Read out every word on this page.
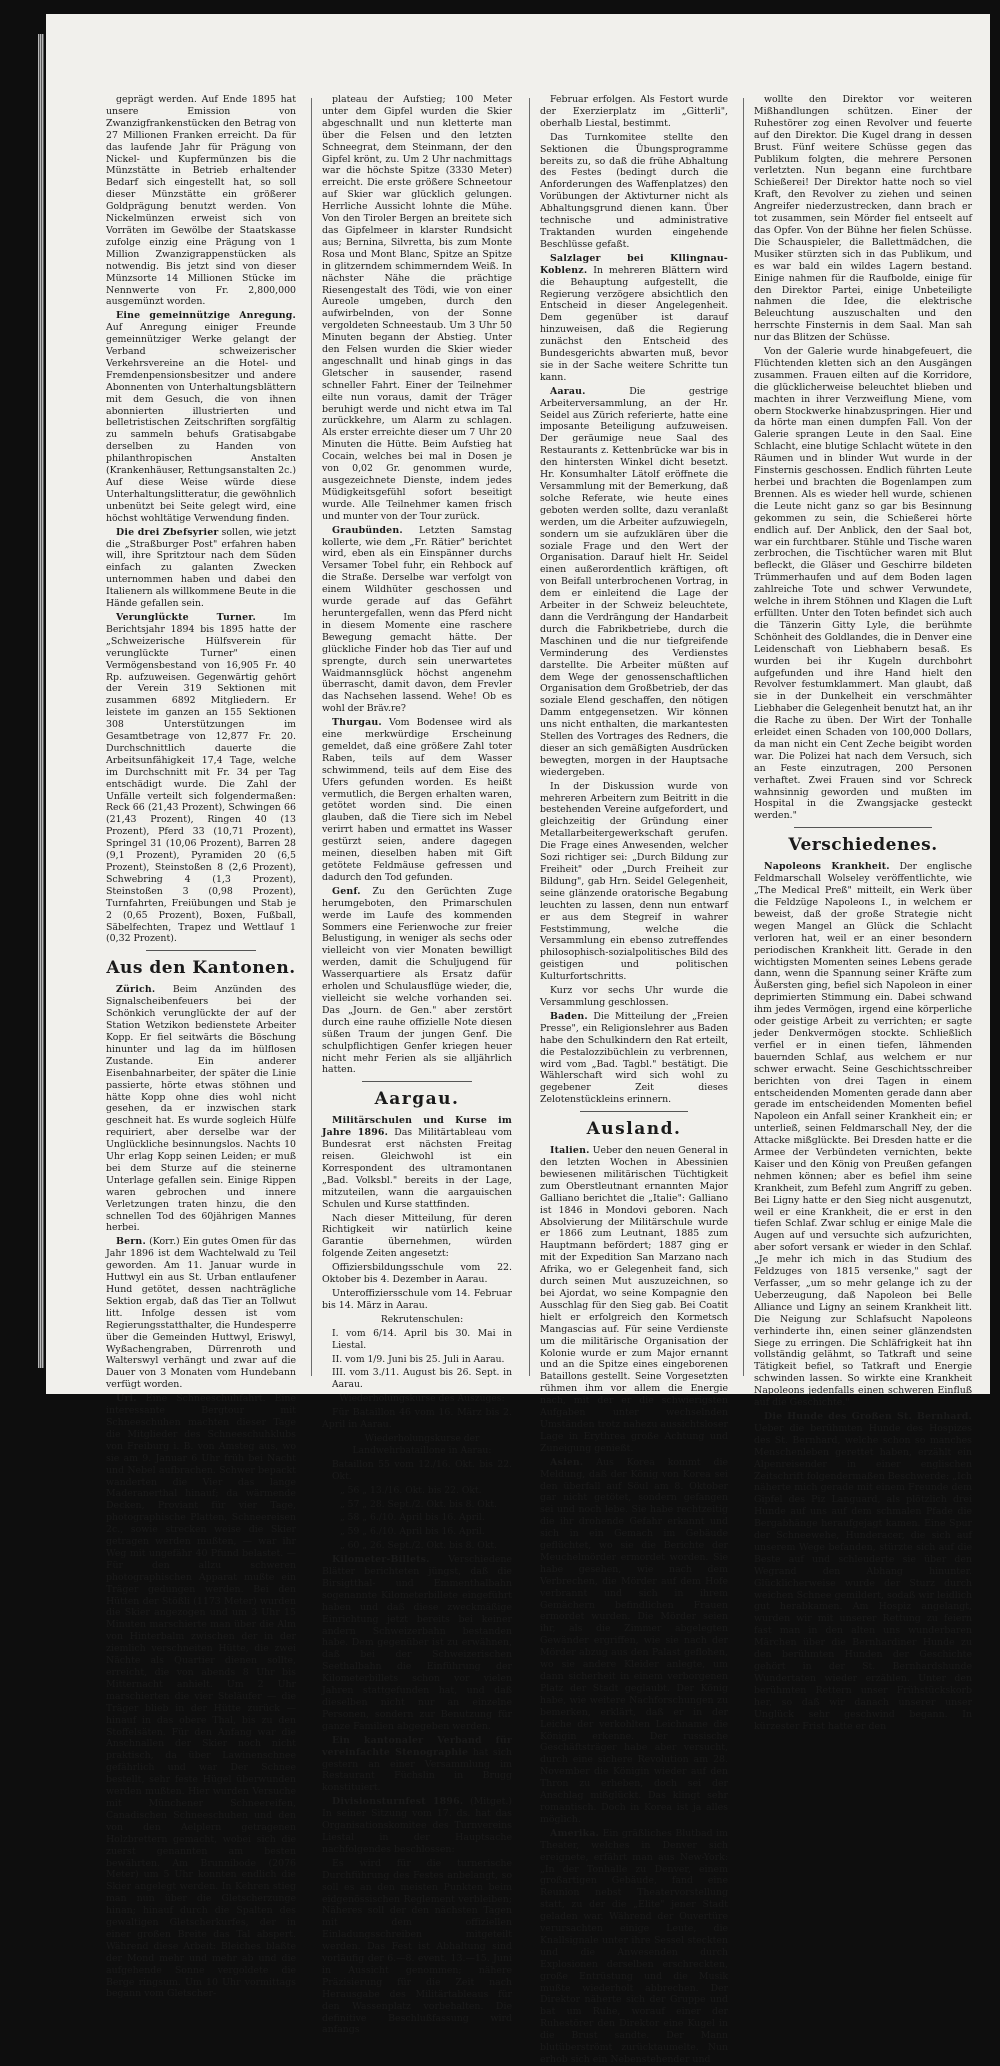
geprägt werden. Auf Ende 1895 hat unsere Emission von Zwanzigfrankenstücken den Betrag von 27 Millionen Franken erreicht. Da für das laufende Jahr für Prägung von Nickel- und Kupfermünzen bis die Münzstätte in Betrieb erhaltender Bedarf sich eingestellt hat, so soll dieser Münzstätte ein größerer Goldprägung benutzt werden. Von Nickelmünzen erweist sich von Vorräten im Gewölbe der Staatskasse zufolge einzig eine Prägung von 1 Million Zwanzigrappenstücken als notwendig. Bis jetzt sind von dieser Münzsorte 14 Millionen Stücke im Nennwerte von Fr. 2,800,000 ausgemünzt worden.

Eine gemeinnützige Anregung. Auf Anregung einiger Freunde gemeinnütziger Werke gelangt der Verband schweizerischer Verkehrsvereine an die Hotel- und Fremdenpensionsbesitzer und andere Abonnenten von Unterhaltungsblättern mit dem Gesuch, die von ihnen abonnierten illustrierten und belletristischen Zeitschriften sorgfältig zu sammeln behufs Gratisabgabe derselben zu Handen von philanthropischen Anstalten (Krankenhäuser, Rettungsanstalten 2c.) Auf diese Weise würde diese Unterhaltungslitteratur, die gewöhnlich unbenützt bei Seite gelegt wird, eine höchst wohltätige Verwendung finden.

Die drei Zbefsyrier sollen, wie jetzt die „Straßburger Post" erfahren haben will, ihre Spritztour nach dem Süden einfach zu galanten Zwecken unternommen haben und dabei den Italienern als willkommene Beute in die Hände gefallen sein.

Verunglückte Turner.	Im Berichtsjahr 1894 bis 1895 hatte der „Schweizerische Hülfsverein für verunglückte Turner" einen Vermögensbestand von 16,905 Fr. 40 Rp. aufzuweisen. Gegenwärtig gehört der Verein 319 Sektionen mit zusammen 6892 Mitgliedern. Er leistete im ganzen an 155 Sektionen 308 Unterstützungen im Gesamtbetrage von 12,877 Fr. 20. Durchschnittlich dauerte die Arbeitsunfähigkeit 17,4 Tage, welche im Durchschnitt mit Fr. 34 per Tag entschädigt wurde. Die Zahl der Unfälle verteilt sich folgendermaßen: Reck 66 (21,43 Prozent), Schwingen 66 (21,43 Prozent), Ringen 40 (13 Prozent), Pferd 33 (10,71 Prozent), Springel 31 (10,06 Prozent), Barren 28 (9,1 Prozent), Pyramiden 20 (6,5 Prozent), Steinstoßen 8 (2,6 Prozent), Schwebring 4 (1,3 Prozent), Steinstoßen 3 (0,98 Prozent), Turnfahrten, Freiübungen und Stab je 2 (0,65 Prozent), Boxen, Fußball, Säbelfechten, Trapez und Wettlauf 1 (0,32 Prozent).

Aus den Kantonen.

Zürich. Beim Anzünden des Signalscheibenfeuers bei der Schönkich verunglückte der auf der Station Wetzikon bedienstete Arbeiter Kopp. Er fiel seitwärts die Böschung hinunter und lag da im hülflosen Zustande. Ein anderer Eisenbahnarbeiter, der später die Linie passierte, hörte etwas stöhnen und hätte Kopp ohne dies wohl nicht gesehen, da er inzwischen stark geschneit hat. Es wurde sogleich Hülfe requiriert, aber derselbe war der Unglückliche besinnungslos. Nachts 10 Uhr erlag Kopp seinen Leiden; er muß bei dem Sturze auf die steinerne Unterlage gefallen sein. Einige Rippen waren gebrochen und innere Verletzungen traten hinzu, die den schnellen Tod des 60jährigen Mannes herbei.

Bern. (Korr.) Ein gutes Omen für das Jahr 1896 ist dem Wachtelwald zu Teil geworden. Am 11. Januar wurde in Huttwyl ein aus St. Urban entlaufener Hund getötet, dessen nachträgliche Sektion ergab, daß das Tier an Tollwut litt. Infolge dessen ist vom Regierungsstatthalter, die Hundesperre über die Gemeinden Huttwyl, Eriswyl, Wyßachengraben, Dürrenroth und Walterswyl verhängt und zwar auf die Dauer von 3 Monaten vom Hundebann verfügt worden.

Uri. Eine Schneeschuhfahrt. Eine interessante Bergtour mit Schneeschuhen machten dieser Tage die Mitglieder des Schneeschuhklubs von Freiburg i. B. von Amsteg aus, wo sie am 9. Januar 6 Uhr früh bei Nacht und Nebel aufbrachen. Schwer bepackt wanderten die Vier das lange Maderanerthal hinauf; da wärmende Decken, Proviant für vier Tage, photographische Platten, Schneereisen 2c., sowie strecken weise die Skier getragen werden mußten, — war ihr Weg mit ungefähr 40 Pfund belastet. — Für den allzu schweren photographischen Apparat mußte ein Träger gedungen werden. Bei den Hütten der Stößli (1173 Meter) wurden die Skier angezogen und um 3 Uhr 15 Minuten marschierte man über die Alm von Hinterbalm zwischen der in der ziemlich verschneiten Hütte, die zwei Nächte als Quartier dienen sollte, erreicht, die von abends 8 Uhr bis Mitternacht anhielt. Um 2 Uhr marschierten die vier Steläufer — die Träger blieb in der Hütte zurück — hinauf in das obere Thal, bis zu den Stoffelsäten. Für den Anfang war die Anschnallen der Skier noch nicht praktisch, da über Lawinenschnee gefährlich und war Der Schnee bestellt, sehr feste Hügel überwunden werden mußten. Hier wurden Versuche mit Münchener Schneereifen, Canadischen Schneeschuhen und den von den Aelplern getragenen Holzbrettern gemacht, wobei sich die zuerst genannten am besten bewährten. Am Brunnibode (2076 Meter) um 5 Uhr konnten endlich die Skier angelegt werden. In Kehren stieg man nun über die Gletscherzunge hinan; hinauf durch die Spalten des gewaltigen Gletscherkurfes, der in einer großen Breite das Tal abspert. Während diese Arbeit: Bleiches blaßte der Mond mehr und mehr ab und die aufgehende Sonne vergoldete die Berge ringsum. Um 10 Uhr vormittags begann vom Gletscher-

plateau der Aufstieg; 100 Meter unter dem Gipfel wurden die Skier abgeschnallt und nun kletterte man über die Felsen und den letzten Schneegrat, dem Steinmann, der den Gipfel krönt, zu. Um 2 Uhr nachmittags war die höchste Spitze (3330 Meter) erreicht. Die erste größere Schneetour auf Skier war glücklich gelungen. Herrliche Aussicht lohnte die Mühe. Von den Tiroler Bergen an breitete sich das Gipfelmeer in klarster Rundsicht aus; Bernina, Silvretta, bis zum Monte Rosa und Mont Blanc, Spitze an Spitze in glitzerndem schimmerndem Weiß. In nächster Nähe die prächtige Riesengestalt des Tödi, wie von einer Aureole umgeben, durch den aufwirbelnden, von der Sonne vergoldeten Schneestaub. Um 3 Uhr 50 Minuten begann der Abstieg. Unter den Felsen wurden die Skier wieder angeschnallt und hinab gings in das Gletscher in sausender, rasend schneller Fahrt. Einer der Teilnehmer eilte nun voraus, damit der Träger beruhigt werde und nicht etwa im Tal zurückkehre, um Alarm zu schlagen. Als erster erreichte dieser um 7 Uhr 20 Minuten die Hütte. Beim Aufstieg hat Cocain, welches bei mal in Dosen je von 0,02 Gr. genommen wurde, ausgezeichnete Dienste, indem jedes Müdigkeitsgefühl sofort beseitigt wurde. Alle Teilnehmer kamen frisch und munter von der Tour zurück.

Graubünden. Letzten Samstag kollerte, wie dem „Fr. Rätier" berichtet wird, eben als ein Einspänner durchs Versamer Tobel fuhr, ein Rehbock auf die Straße. Derselbe war verfolgt von einem Wildhüter geschossen und wurde gerade auf das Gefährt heruntergefallen, wenn das Pferd nicht in diesem Momente eine raschere Bewegung gemacht hätte. Der glückliche Finder hob das Tier auf und sprengte, durch sein unerwartetes Waidmannsglück höchst angenehm überrascht, damit davon, dem Frevler das Nachsehen lassend. Wehe! Ob es wohl der Bräv.re?

Thurgau. Vom Bodensee wird als eine merkwürdige Erscheinung gemeldet, daß eine größere Zahl toter Raben, teils auf dem Wasser schwimmend, teils auf dem Eise des Ufers gefunden worden. Es heißt vermutlich, die Bergen erhalten waren, getötet worden sind. Die einen glauben, daß die Tiere sich im Nebel verirrt haben und ermattet ins Wasser gestürzt seien, andere dagegen meinen, dieselben haben mit Gift getötete Feldmäuse gefressen und dadurch den Tod gefunden.

Genf. Zu den Gerüchten Zuge herumgeboten, den Primarschulen werde im Laufe des kommenden Sommers eine Ferienwoche zur freier Belustigung, in weniger als sechs oder vielleicht von vier Monaten bewilligt werden, damit die Schuljugend für Wasserquartiere als Ersatz dafür erholen und Schulausflüge wieder, die, vielleicht sie welche vorhanden sei. Das „Journ. de Gen." aber zerstört durch eine rauhe offizielle Note diesen süßen Traum der jungen Genf. Die schulpflichtigen Genfer kriegen heuer nicht mehr Ferien als sie alljährlich hatten.

Aargau.

Militärschulen und Kurse im Jahre 1896. Das Militärtableau vom Bundesrat erst nächsten Freitag reisen. Gleichwohl ist ein Korrespondent des ultramontanen „Bad. Volksbl." bereits in der Lage, mitzuteilen, wann die aargauischen Schulen und Kurse stattfinden.

Nach dieser Mitteilung, für deren Richtigkeit wir natürlich keine Garantie übernehmen, würden folgende Zeiten angesetzt:

Offiziersbildungsschule vom 22. Oktober bis 4. Dezember in Aarau.

Unteroffiziersschule vom 14. Februar bis 14. März in Aarau.

Rekrutenschulen:

I. vom 6/14. April bis 30. Mai in Liestal.

II. vom 1/9. Juni bis 25. Juli in Aarau.

III. vom 3./11. August bis 26. Sept. in Aarau.

Wiederholungskurse des Auszuges:

Für Bataillon 46 vom 16. März bis 2. April in Aarau.

Wiederholungskurse der Landwehrbataillone in Aarau:

Bataillon 55 vom 12./16. Okt. bis 22. Okt.

„ 56 „ 13./16. Okt. bis 22. Okt.

„ 57 „ 28. Sept./2. Okt. bis 8. Okt.

„ 58 „ 6./10. April bis 16. April.

„ 59 „ 6./10. April bis 16. April.

„ 60 „ 26. Sept./2. Okt. bis 8. Okt.

Kilometer-Billets. Verschiedene Blätter berichteten jüngst, daß die Birsigtthal- und Emmenthalbahn sogenannte Kilometerbillete eingeführt haben und daß diese zweckmäßige Einrichtung jetzt bereits bei keiner andern Schweizerbahn bestanden habe. Dem gegenüber ist zu erwähnen, daß bei der Schweizerischen Seethalbahn die Einführung der Kilometerbillets schon vor vielen Jahren stattgefunden hat, und daß dieselben nicht nur an einzelne Personen, sondern zur Benutzung für ganze Familien abgegeben werden.

Ein kantonaler Verband für vereinfachte Stenographie hat sich gestern an einer Versammlung im Restaurant Füchslin in Brugg konstituiert.

Divisionsturnfest 1896. (Mitget.) In seiner Sitzung vom 17. ds. hat das Organisationskomitee des Turnvereins Liestal in der Hauptsache nachfolgendes beschlossen:

Es wird für die turnerische Durchführung des Festes anbelangt, so soll es an den meisten Punkten beim eidgenössischen Reglement verbleiben; Näheres soll der den nächsten Tagen mit dem offiziellen Einladungsschreiben mitgeteilt werden. Das Fest ist Abhaltung sind vorläufig der 6.—8. event. 13.—15. Juni in Aussicht genommen; nähere Präzisierung für die Zeit nach Herausgabe des Militärtableaus für den Wassenplatz vorbehalten. Die definitive Beschlußfassung wird anfangs

Februar erfolgen. Als Festort wurde der Exerzierplatz im „Gitterli", oberhalb Liestal, bestimmt.

Das Turnkomitee stellte den Sektionen die Übungsprogramme bereits zu, so daß die frühe Abhaltung des Festes (bedingt durch die Anforderungen des Waffenplatzes) den Vorübungen der Aktivturner nicht als Abhaltungsgrund dienen kann. Über technische und administrative Traktanden wurden eingehende Beschlüsse gefaßt.

Salzlager bei Kllingnau-Koblenz. In mehreren Blättern wird die Behauptung aufgestellt, die Regierung verzögere absichtlich den Entscheid in dieser Angelegenheit. Dem gegenüber ist darauf hinzuweisen, daß die Regierung zunächst den Entscheid des Bundesgerichts abwarten muß, bevor sie in der Sache weitere Schritte tun kann.

Aarau.	Die gestrige Arbeiterversammlung, an der Hr. Seidel aus Zürich referierte, hatte eine imposante Beteiligung aufzuweisen. Der geräumige neue Saal des Restaurants z. Kettenbrücke war bis in den hintersten Winkel dicht besetzt. Hr. Konsumhalter Lätolf eröffnete die Versammlung mit der Bemerkung, daß solche Referate, wie heute eines geboten werden sollte, dazu veranlaßt werden, um die Arbeiter aufzuwiegeln, sondern um sie aufzuklären über die soziale Frage und den Wert der Organisation. Darauf hielt Hr. Seidel einen außerordentlich kräftigen, oft von Beifall unterbrochenen Vortrag, in dem er einleitend die Lage der Arbeiter in der Schweiz beleuchtete, dann die Verdrängung der Handarbeit durch die Fabrikbetriebe, durch die Maschinen und die nur tiefgreifende Verminderung des Verdienstes darstellte. Die Arbeiter müßten auf dem Wege der genossenschaftlichen Organisation dem Großbetrieb, der das soziale Elend geschaffen, den nötigen Damm entgegensetzen. Wir können uns nicht enthalten, die markantesten Stellen des Vortrages des Redners, die dieser an sich gemäßigten Ausdrücken bewegten, morgen in der Hauptsache wiedergeben.

In der Diskussion wurde von mehreren Arbeitern zum Beitritt in die bestehenden Vereine aufgefordert, und gleichzeitig der Gründung einer Metallarbeitergewerkschaft gerufen. Die Frage eines Anwesenden, welcher Sozi richtiger sei: „Durch Bildung zur Freiheit" oder „Durch Freiheit zur Bildung", gab Hrn. Seidel Gelegenheit, seine glänzende oratorische Begabung leuchten zu lassen, denn nun entwarf er aus dem Stegreif in wahrer Feststimmung, welche die Versammlung ein ebenso zutreffendes philosophisch-sozialpolitisches Bild des geistigen und politischen Kulturfortschritts.

Kurz vor sechs Uhr wurde die Versammlung geschlossen.

Baden. Die Mitteilung der „Freien Presse", ein Religionslehrer aus Baden habe den Schulkindern den Rat erteilt, die Pestalozzibüchlein zu verbrennen, wird vom „Bad. Tagbl." bestätigt. Die Wählerschaft wird sich wohl zu gegebener Zeit dieses Zelotenstückleins erinnern.

Ausland.

Italien. Ueber den neuen General in den letzten Wochen in Abessinien bewiesenen militärischen Tüchtigkeit zum Oberstleutnant ernannten Major Galliano berichtet die „Italie": Galliano ist 1846 in Mondovi geboren. Nach Absolvierung der Militärschule wurde er 1866 zum Leutnant, 1885 zum Hauptmann befördert; 1887 ging er mit der Expedition San Marzano nach Afrika, wo er Gelegenheit fand, sich durch seinen Mut auszuzeichnen, so bei Ajordat, wo seine Kompagnie den Ausschlag für den Sieg gab. Bei Coatit hielt er erfolgreich den Kormetsch Mangascias auf. Für seine Verdienste um die militärische Organisation der Kolonie wurde er zum Major ernannt und an die Spitze eines eingeborenen Bataillons gestellt. Seine Vorgesetzten rühmen ihm vor allem die Energie nach, mit der er die schwierigsten Aufgaben unter wechselnden Umständen trotz nahezu aussichtsloser Lage in Erythrea große Achtung und Zuneigung genießt.

Asien. Aus Korea kommt die Meldung, daß der König von Korea sei den überfall auf Söul am 8. Oktober gar nicht getötet, sondern gefangen sei und noch lebe. Sie habe rechtzeitig die ihr drohende Gefahr erkannt und sich in ein Gemach im Gebäude geflüchtet, wo sie die Berichte der Meuchelmörder ermordet worden. Sie habe gesehen, wie nach dem Verbrechen, die Mörder auf dem Hofe verbrannt und sich in ihrem Gemächern befindlichen Frauen ermordet wurden. Die Mörder seien ihr, als die Zimmer abgelegten Gewänder ergriffen, wie sie nach der Mörder abzug aus den Palast geflohen, wo sie andere Kleider anlegte, um dann sicherheit in einem verborgenen Platz der Stadt geglaubt. Der König habe, wie weitere Nachforschungen zu bemerken, erklärt, daß er in der Leiche der verkohlten Leichname die Königin erkenne. Der russische Geschäftsträger habe aber versucht, durch eine sichere Revolution am 28. November die Königin wieder auf den Thron zu erheben, doch sei der Anschlag mißglückt. Das klingt sehr romantisch. Doch in Korea ist ja alles möglich.

Amerika. Ein gräßliches Blutbad im Theater, welches in Denver sich ereignete, erfährt man aus New-York: „In der Tonhalle zu Denver, einem großartigen Gebäude, fand eine Reunion nebst Theatervorstellung statt, zu der die „Elite" jener Stadt geladen war. Während der Ouvertüre verursachten einige Leute, die Knallsignale unter ihre Sessel steckten und die Anwesenden durch Explosionen derselben erschreckten, große Entrüstung und die Musik mußte wiederholt abbrechen. Der Direktor näherte sich der Gruppe und bat um Ruhe, worauf einer der Ruhestörer den Direktor eine Kugel in die Brust sandte. Der Mann blutüberströmt zurücktaumelte. Nun erhob sich ein Nebenstehender und

wollte den Direktor vor weiteren Mißhandlungen schützen. Einer der Ruhestörer zog einen Revolver und feuerte auf den Direktor. Die Kugel drang in dessen Brust. Fünf weitere Schüsse gegen das Publikum folgten, die mehrere Personen verletzten. Nun begann eine furchtbare Schießerei! Der Direktor hatte noch so viel Kraft, den Revolver zu ziehen und seinen Angreifer niederzustrecken, dann brach er tot zusammen, sein Mörder fiel entseelt auf das Opfer. Von der Bühne her fielen Schüsse. Die Schauspieler, die Ballettmädchen, die Musiker stürzten sich in das Publikum, und es war bald ein wildes Lagern bestand. Einige nahmen für die Raufbolde, einige für den Direktor Partei, einige Unbeteiligte nahmen die Idee, die elektrische Beleuchtung auszuschalten und den herrschte Finsternis in dem Saal. Man sah nur das Blitzen der Schüsse.

Von der Galerie wurde hinabgefeuert, die Flüchtenden kletten sich an den Ausgängen zusammen. Frauen eilten auf die Korridore, die glücklicherweise beleuchtet blieben und machten in ihrer Verzweiflung Miene, vom obern Stockwerke hinabzuspringen. Hier und da hörte man einen dumpfen Fall. Von der Galerie sprangen Leute in den Saal. Eine Schlacht, eine blutige Schlacht wütete in den Räumen und in blinder Wut wurde in der Finsternis geschossen. Endlich führten Leute herbei und brachten die Bogenlampen zum Brennen. Als es wieder hell wurde, schienen die Leute nicht ganz so gar bis Besinnung gekommen zu sein, die Schießerei hörte endlich auf. Der Anblick, den der Saal bot, war ein furchtbarer. Stühle und Tische waren zerbrochen, die Tischtücher waren mit Blut befleckt, die Gläser und Geschirre bildeten Trümmerhaufen und auf dem Boden lagen zahlreiche Tote und schwer Verwundete, welche in ihrem Stöhnen und Klagen die Luft erfüllten. Unter den Toten befindet sich auch die Tänzerin Gitty Lyle, die berühmte Schönheit des Goldlandes, die in Denver eine Leidenschaft von Liebhabern besaß. Es wurden bei ihr Kugeln durchbohrt aufgefunden und ihre Hand hielt den Revolver festumklammert. Man glaubt, daß sie in der Dunkelheit ein verschmähter Liebhaber die Gelegenheit benutzt hat, an ihr die Rache zu üben. Der Wirt der Tonhalle erleidet einen Schaden von 100,000 Dollars, da man nicht ein Cent Zeche beigibt worden war. Die Polizei hat nach dem Versuch, sich an Feste einzutragen, 200 Personen verhaftet. Zwei Frauen sind vor Schreck wahnsinnig geworden und mußten im Hospital in die Zwangsjacke gesteckt werden."

Verschiedenes.

Napoleons Krankheit. Der englische Feldmarschall Wolseley veröffentlichte, wie „The Medical Preß" mitteilt, ein Werk über die Feldzüge Napoleons I., in welchem er beweist, daß der große Strategie nicht wegen Mangel an Glück die Schlacht verloren hat, weil er an einer besondern periodischen Krankheit litt. Gerade in den wichtigsten Momenten seines Lebens gerade dann, wenn die Spannung seiner Kräfte zum Äußersten ging, befiel sich Napoleon in einer deprimierten Stimmung ein. Dabei schwand ihm jedes Vermögen, irgend eine körperliche oder geistige Arbeit zu verrichten; er sagte jeder Denkvermögen stockte. Schließlich verfiel er in einen tiefen, lähmenden bauernden Schlaf, aus welchem er nur schwer erwacht. Seine Geschichtsschreiber berichten von drei Tagen in einem entscheidenden Momenten gerade dann aber gerade im entscheidenden Momenten befiel Napoleon ein Anfall seiner Krankheit ein; er unterließ, seinen Feldmarschall Ney, der die Attacke mißglückte. Bei Dresden hatte er die Armee der Verbündeten vernichten, bekte Kaiser und den König von Preußen gefangen nehmen können; aber es befiel ihm seine Krankheit, zum Befehl zum Angriff zu geben. Bei Ligny hatte er den Sieg nicht ausgenutzt, weil er eine Krankheit, die er erst in den tiefen Schlaf. Zwar schlug er einige Male die Augen auf und versuchte sich aufzurichten, aber sofort versank er wieder in den Schlaf. „Je mehr ich mich in das Studium des Feldzuges von 1815 versenke," sagt der Verfasser, „um so mehr gelange ich zu der Ueberzeugung, daß Napoleon bei Belle Alliance und Ligny an seinem Krankheit litt. Die Neigung zur Schlafsucht Napoleons verhinderte ihn, einen seiner glänzendsten Siege zu erringen. Die Schläfrigkeit hat ihn vollständig gelähmt, so Tatkraft und seine Tätigkeit befiel, so Tatkraft und Energie schwinden lassen. So wirkte eine Krankheit Napoleons jedenfalls einen schweren Einfluß auf die Geschichte."

Die Hunde des Großen St. Bernhard. Ueber die berühmten Hunde des Hospizes des St. Bernhard, welche schon so manches Menschenleben gerettet haben, erzählt ein Alpenreisender in einer englischen Zeitschrift folgendermaßen Beschwerde: „Ich näherte mich gerade mit einem Freunde dem Gipfel des Piz Languard, als plötzlich drei Hunde auf uns auf dem schmalen Pfade die Bergabhänge heraufgejagt kamen. Eine Spur der Schneewehe, Hunderacer, die sich auf unserem Wege befanden, stürzte sich auf die Beste auf und schleuderte sie über den Wegrand den Abhang hinunter. Glücklicherweise wurde der Sturz durch weichen Schnee gemildert, sodaß wir leidlich gut herabkamen. Am Hospiz angelangt, wurden wir mit unserer Rettung zu feiern fast man in den alten uns wunderbaren Märchen über die Bernhardiner Hunde zu den berühmten Hunden der Geschichte gehört in der St. Bernhardshunde Wundertaten wieder erzählen. Unter den berühmten Rettern unser Frühstückskorb her, so daß wir danach unserer unser Unglück sehr geschwind begann. In kürzester Frist hatte er den
